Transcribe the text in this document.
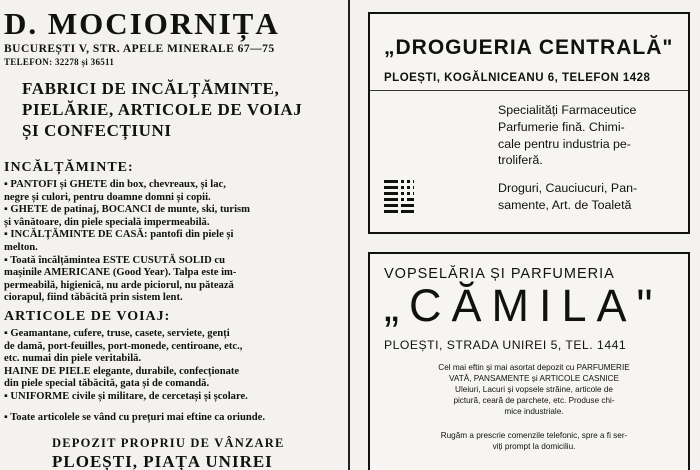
D. MOCIORNIȚA
BUCUREȘTI V, STR. APELE MINERALE 67—75
TELEFON: 32278 și 36511
FABRICI DE INCĂLȚĂMINTE,
PIELĂRIE, ARTICOLE DE VOIAJ
ȘI CONFECȚIUNI
INCĂLȚĂMINTE:
▪ PANTOFI și GHETE din box, chevreaux, și lac,
negre și culori, pentru doamne domni și copii.
▪ GHETE de patinaj, BOCANCI de munte, ski, turism
și vânătoare, din piele specială impermeabilă.
▪ INCĂLȚĂMINTE DE CASĂ: pantofi din piele și
melton.
▪ Toată încălțămintea ESTE CUSUTĂ SOLID cu
mașinile AMERICANE (Good Year). Talpa este im-
permeabilă, higienică, nu arde piciorul, nu pătează
ciorapul, fiind tăbăcită prin sistem lent.
ARTICOLE DE VOIAJ:
▪ Geamantane, cufere, truse, casete, serviete, genți
de damă, port-feuilles, port-monede, centiroane, etc.,
etc. numai din piele veritabilă.
HAINE DE PIELE elegante, durabile, confecționate
din piele special tăbăcită, gata și de comandă.
▪ UNIFORME civile și militare, de cercetași și școlare.
▪ Toate articolele se vând cu prețuri mai eftine ca oriunde.
DEPOZIT PROPRIU DE VÂNZARE
PLOEȘTI, PIAȚA UNIREI
„DROGUERIA CENTRALĂ"
PLOEȘTI, KOGĂLNICEANU 6, TELEFON 1428
Specialități Farmaceutice
Parfumerie fină. Chimi-
cale pentru industria pe-
troliferă.
Droguri, Cauciucuri, Pan-
samente, Art. de Toaletă
VOPSELĂRIA ȘI PARFUMERIA
„CĂMILA"
PLOEȘTI, STRADA UNIREI 5, TEL. 1441
Cel mai eftin și mai asortat depozit cu PARFUMERIE
VATĂ, PANSAMENTE și ARTICOLE CASNICE
Uleiuri, Lacuri și vopsele străine, articole de
pictură, ceară de parchete, etc. Produse chi-
mice industriale.
Rugăm a prescrie comenzile telefonic, spre a fi ser-
viți prompt la domiciliu.
